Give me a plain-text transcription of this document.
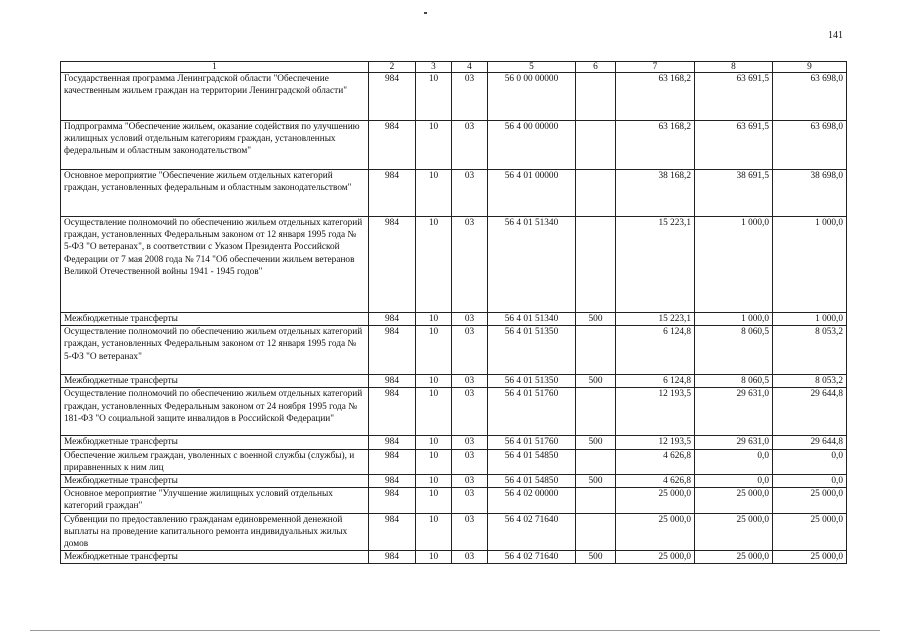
141
1	2	3	4	5	6	7	8	9
Государственная программа Ленинградской области "Обеспечение качественным жильем граждан на территории Ленинградской области"	984	10	03	56 0 00 00000		63 168,2	63 691,5	63 698,0
Подпрограмма "Обеспечение жильем, оказание содействия по улучшению жилищных условий отдельным категориям граждан, установленных федеральным и областным законодательством"	984	10	03	56 4 00 00000		63 168,2	63 691,5	63 698,0
Основное мероприятие "Обеспечение жильем отдельных категорий граждан, установленных федеральным и областным законодательством"	984	10	03	56 4 01 00000		38 168,2	38 691,5	38 698,0
Осуществление полномочий по обеспечению жильем отдельных категорий граждан, установленных Федеральным законом от 12 января 1995 года № 5-ФЗ "О ветеранах", в соответствии с Указом Президента Российской Федерации от 7 мая 2008 года № 714 "Об обеспечении жильем ветеранов Великой Отечественной войны 1941 - 1945 годов"	984	10	03	56 4 01 51340		15 223,1	1 000,0	1 000,0
Межбюджетные трансферты	984	10	03	56 4 01 51340	500	15 223,1	1 000,0	1 000,0
Осуществление полномочий по обеспечению жильем отдельных категорий граждан, установленных Федеральным законом от 12 января 1995 года № 5-ФЗ "О ветеранах"	984	10	03	56 4 01 51350		6 124,8	8 060,5	8 053,2
Межбюджетные трансферты	984	10	03	56 4 01 51350	500	6 124,8	8 060,5	8 053,2
Осуществление полномочий по обеспечению жильем отдельных категорий граждан, установленных Федеральным законом от 24 ноября 1995 года № 181-ФЗ "О социальной защите инвалидов в Российской Федерации"	984	10	03	56 4 01 51760		12 193,5	29 631,0	29 644,8
Межбюджетные трансферты	984	10	03	56 4 01 51760	500	12 193,5	29 631,0	29 644,8
Обеспечение жильем граждан, уволенных с военной службы (службы), и приравненных к ним лиц	984	10	03	56 4 01 54850		4 626,8	0,0	0,0
Межбюджетные трансферты	984	10	03	56 4 01 54850	500	4 626,8	0,0	0,0
Основное мероприятие "Улучшение жилищных условий отдельных категорий граждан"	984	10	03	56 4 02 00000		25 000,0	25 000,0	25 000,0
Субвенции по предоставлению гражданам единовременной денежной выплаты на проведение капитального ремонта индивидуальных жилых домов	984	10	03	56 4 02 71640		25 000,0	25 000,0	25 000,0
Межбюджетные трансферты	984	10	03	56 4 02 71640	500	25 000,0	25 000,0	25 000,0
